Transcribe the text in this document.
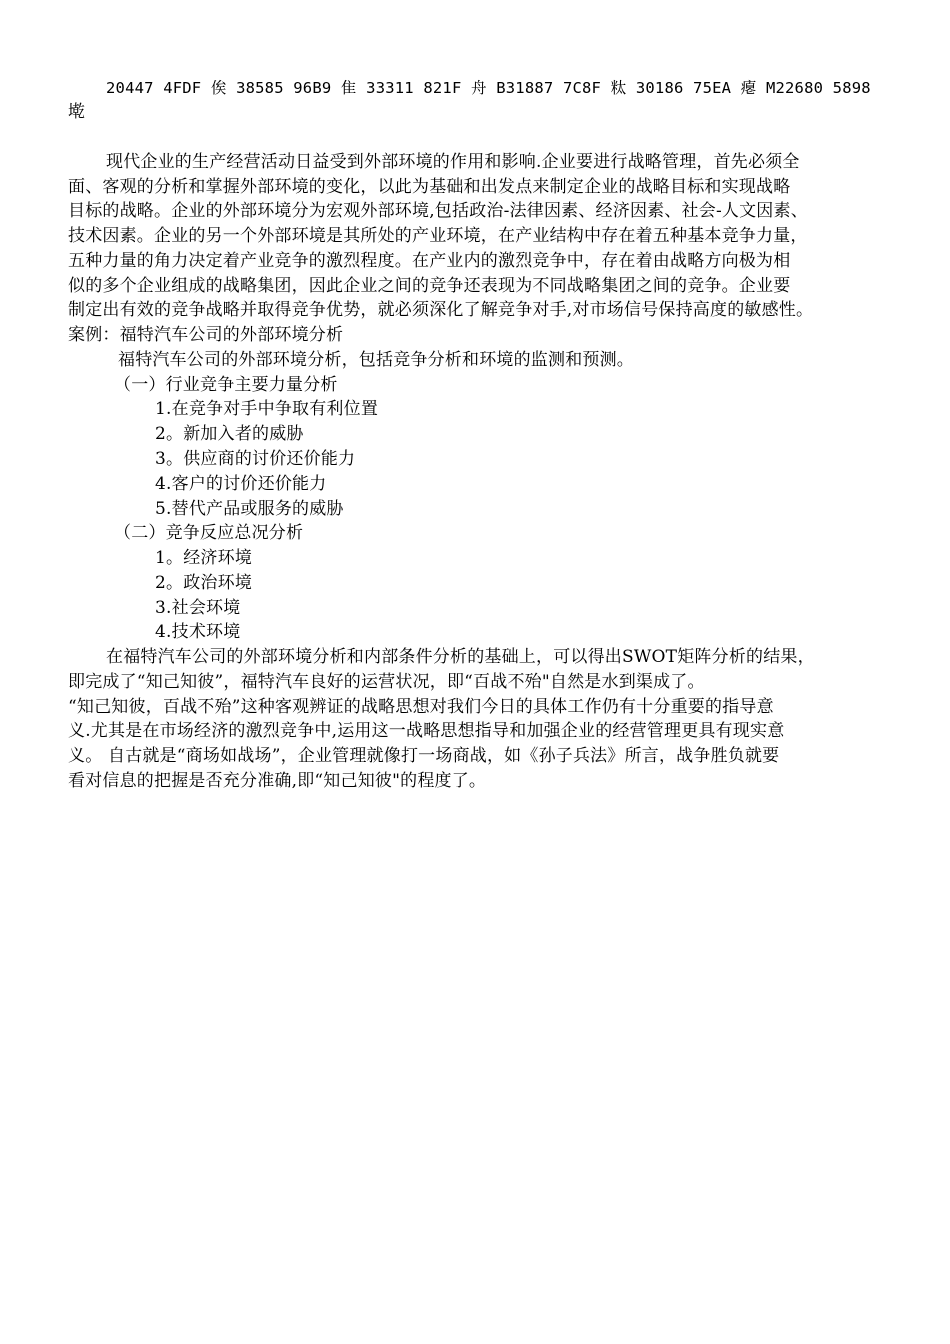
20447 4FDF 俟 38585 96B9 隹 33311 821F 舟 B31887 7C8F 粏 30186 75EA 瘪 M22680 5898
墘
现代企业的生产经营活动日益受到外部环境的作用和影响.企业要进行战略管理，首先必须全
面、客观的分析和掌握外部环境的变化，以此为基础和出发点来制定企业的战略目标和实现战略
目标的战略。企业的外部环境分为宏观外部环境,包括政治-法律因素、经济因素、社会-人文因素、
技术因素。企业的另一个外部环境是其所处的产业环境，在产业结构中存在着五种基本竞争力量，
五种力量的角力决定着产业竞争的激烈程度。在产业内的激烈竞争中，存在着由战略方向极为相
似的多个企业组成的战略集团，因此企业之间的竞争还表现为不同战略集团之间的竞争。企业要
制定出有效的竞争战略并取得竞争优势，就必须深化了解竞争对手,对市场信号保持高度的敏感性。
案例：福特汽车公司的外部环境分析
福特汽车公司的外部环境分析，包括竞争分析和环境的监测和预测。
（一）行业竞争主要力量分析
1.在竞争对手中争取有利位置
2。新加入者的威胁
3。供应商的讨价还价能力
4.客户的讨价还价能力
5.替代产品或服务的威胁
（二）竞争反应总况分析
1。经济环境
2。政治环境
3.社会环境
4.技术环境
在福特汽车公司的外部环境分析和内部条件分析的基础上，可以得出SWOT矩阵分析的结果，
即完成了“知己知彼”，福特汽车良好的运营状况，即“百战不殆"自然是水到渠成了。
“知己知彼，百战不殆”这种客观辨证的战略思想对我们今日的具体工作仍有十分重要的指导意
义.尤其是在市场经济的激烈竞争中,运用这一战略思想指导和加强企业的经营管理更具有现实意
义。 自古就是“商场如战场”，企业管理就像打一场商战，如《孙子兵法》所言，战争胜负就要
看对信息的把握是否充分准确,即“知己知彼"的程度了。
